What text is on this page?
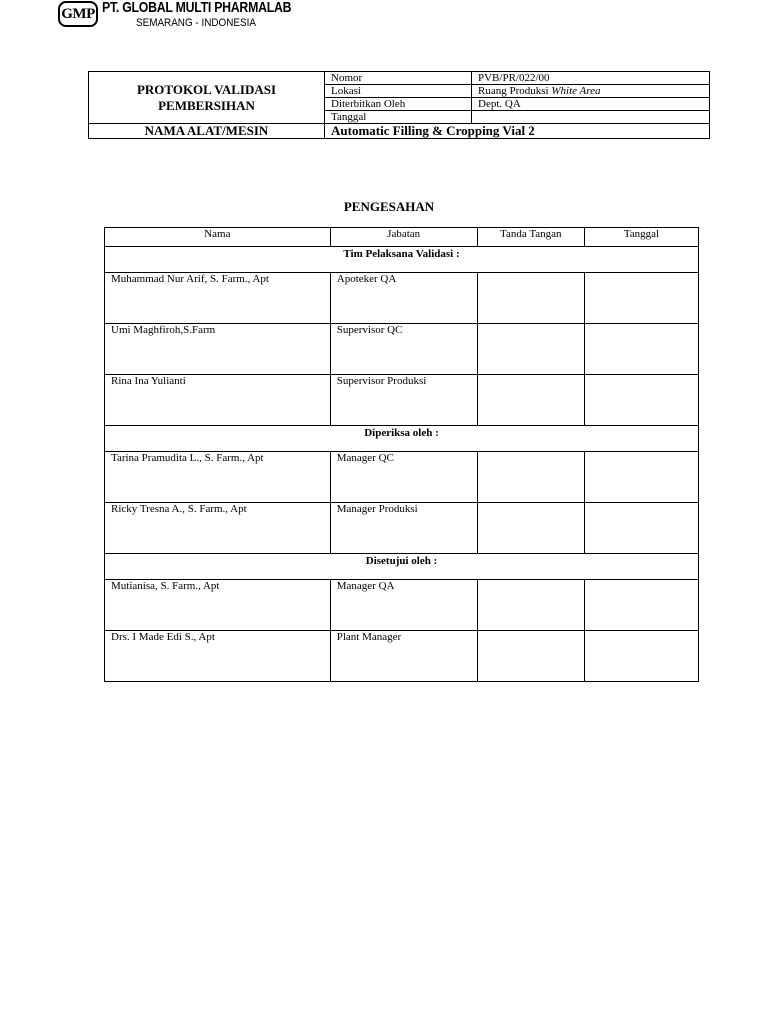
GMP PT. GLOBAL MULTI PHARMALAB
SEMARANG - INDONESIA
PROTOKOL VALIDASI
PEMBERSIHAN	Nomor	PVB/PR/022/00
	Lokasi	Ruang Produksi White Area
	Diterbitkan Oleh	Dept. QA
	Tanggal	
NAMA ALAT/MESIN	Automatic Filling & Cropping Vial 2	
PENGESAHAN
Nama	Jabatan	Tanda Tangan	Tanggal
Tim Pelaksana Validasi :			
Muhammad Nur Arif, S. Farm., Apt	Apoteker QA		
Umi Maghfiroh,S.Farm	Supervisor QC		
Rina Ina Yulianti	Supervisor Produksi		
Diperiksa oleh :			
Tarina Pramudita L., S. Farm., Apt	Manager QC		
Ricky Tresna A., S. Farm., Apt	Manager Produksi		
Disetujui oleh :			
Mutianisa, S. Farm., Apt	Manager QA		
Drs. I Made Edi S., Apt	Plant Manager		
